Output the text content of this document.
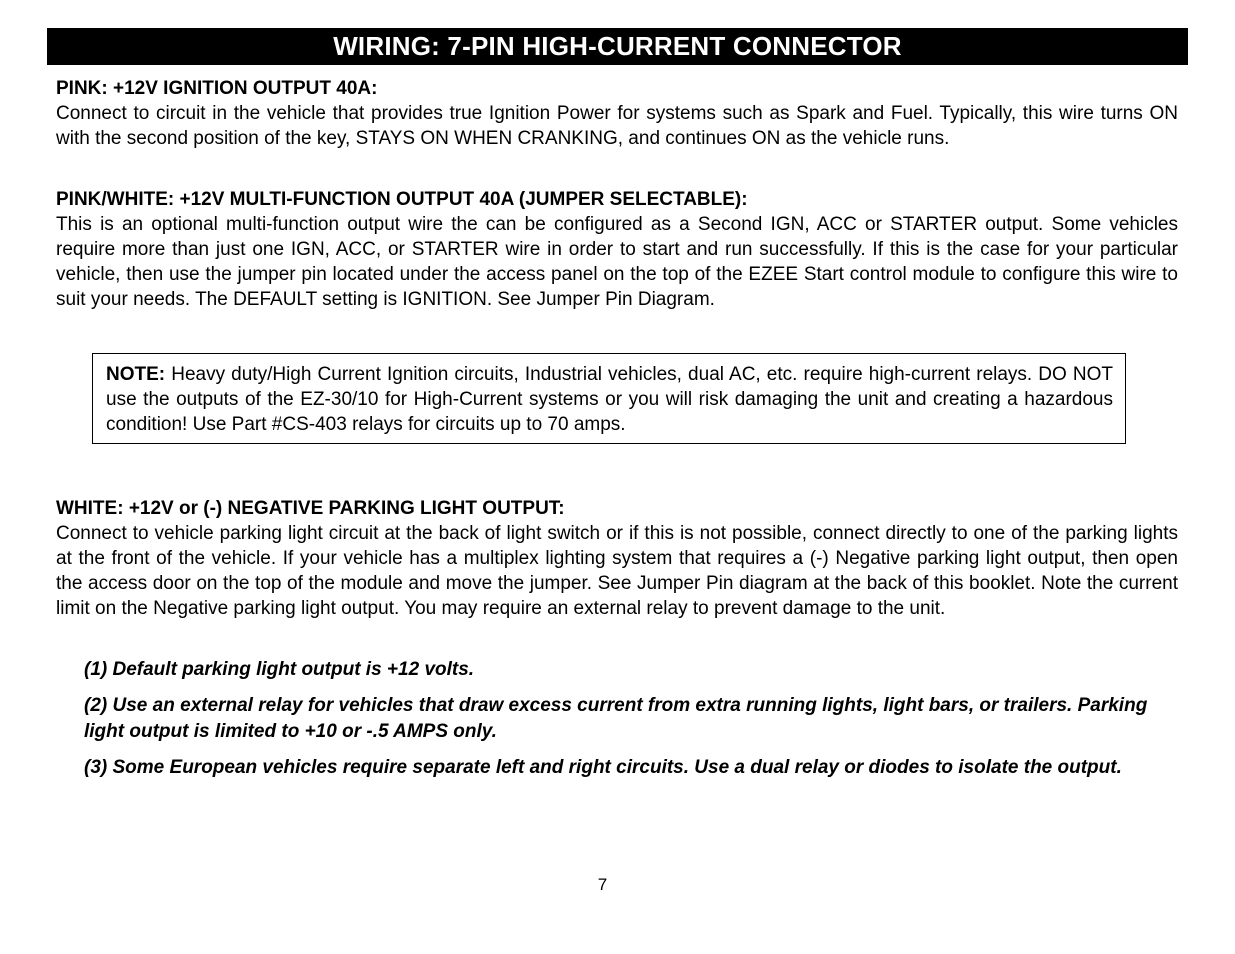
WIRING: 7-PIN HIGH-CURRENT CONNECTOR
PINK: +12V IGNITION OUTPUT 40A:
Connect to circuit in the vehicle that provides true Ignition Power for systems such as Spark and Fuel. Typically, this wire turns ON with the second position of the key, STAYS ON WHEN CRANKING, and continues ON as the vehicle runs.
PINK/WHITE: +12V MULTI-FUNCTION OUTPUT 40A (JUMPER SELECTABLE):
This is an optional multi-function output wire the can be configured as a Second IGN, ACC or STARTER output. Some vehicles require more than just one IGN, ACC, or STARTER wire in order to start and run successfully. If this is the case for your particular vehicle, then use the jumper pin located under the access panel on the top of the EZEE Start control module to configure this wire to suit your needs. The DEFAULT setting is IGNITION. See Jumper Pin Diagram.
NOTE: Heavy duty/High Current Ignition circuits, Industrial vehicles, dual AC, etc. require high-current relays. DO NOT use the outputs of the EZ-30/10 for High-Current systems or you will risk damaging the unit and creating a hazardous condition! Use Part #CS-403 relays for circuits up to 70 amps.
WHITE: +12V or (-) NEGATIVE PARKING LIGHT OUTPUT:
Connect to vehicle parking light circuit at the back of light switch or if this is not possible, connect directly to one of the parking lights at the front of the vehicle. If your vehicle has a multiplex lighting system that requires a (-) Negative parking light output, then open the access door on the top of the module and move the jumper. See Jumper Pin diagram at the back of this booklet. Note the current limit on the Negative parking light output. You may require an external relay to prevent damage to the unit.
(1) Default parking light output is +12 volts.
(2) Use an external relay for vehicles that draw excess current from extra running lights, light bars, or trailers. Parking light output is limited to +10 or -.5 AMPS only.
(3) Some European vehicles require separate left and right circuits. Use a dual relay or diodes to isolate the output.
7
